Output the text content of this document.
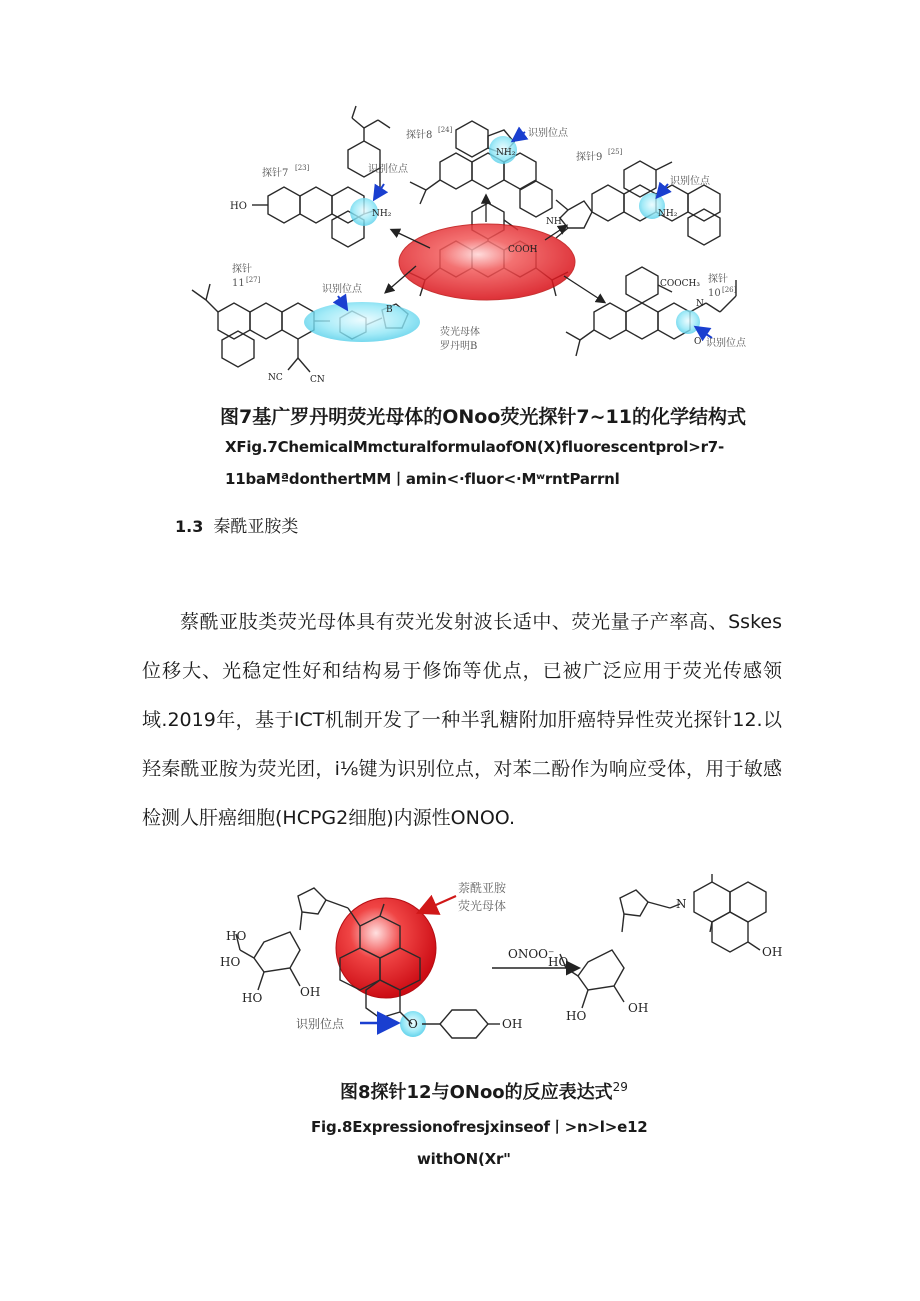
探针7 [23]	识别位点
HO
NH₂
探针8 [24]	识别位点
NH₂
NH
探针9 [25]
识别位点
NH₂
COOH
探针
10 [26]
识别位点
COOCH₃
N
O
探针
11 [27]
识别位点
B
NC	CN
荧光母体
罗丹明B
图7基广罗丹明荧光母体的ONoo荧光探针7~11的化学结构式
XFig.7ChemicalMmcturalformulaofON(X)fluorescentprol>r7-
11baMªdonthertMM丨amin<·fluor<·MʷrntParrnl
1.3 秦酰亚胺类

蔡酰亚肢类荧光母体具有荧光发射波长适中、荧光量子产率高、Sskes位移大、光稳定性好和结构易于修饰等优点，已被广泛应用于荧光传感领域.2019年，基于ICT机制开发了一种半乳糖附加肝癌特异性荧光探针12.以羟秦酰亚胺为荧光团，i⅛键为识别位点，对苯二酚作为响应受体，用于敏感检测人肝癌细胞(HCPG2细胞)内源性ONOO.

萘酰亚胺
荧光母体
识别位点
ONOO⁻
HO
HO
HO	OH
OH
O
HO
HO
OH
OH
N
图8探针12与ONoo的反应表达式$^{29}$
Fig.8Expressionofresjxinseof丨>n>l>e12
withON(Xr"
